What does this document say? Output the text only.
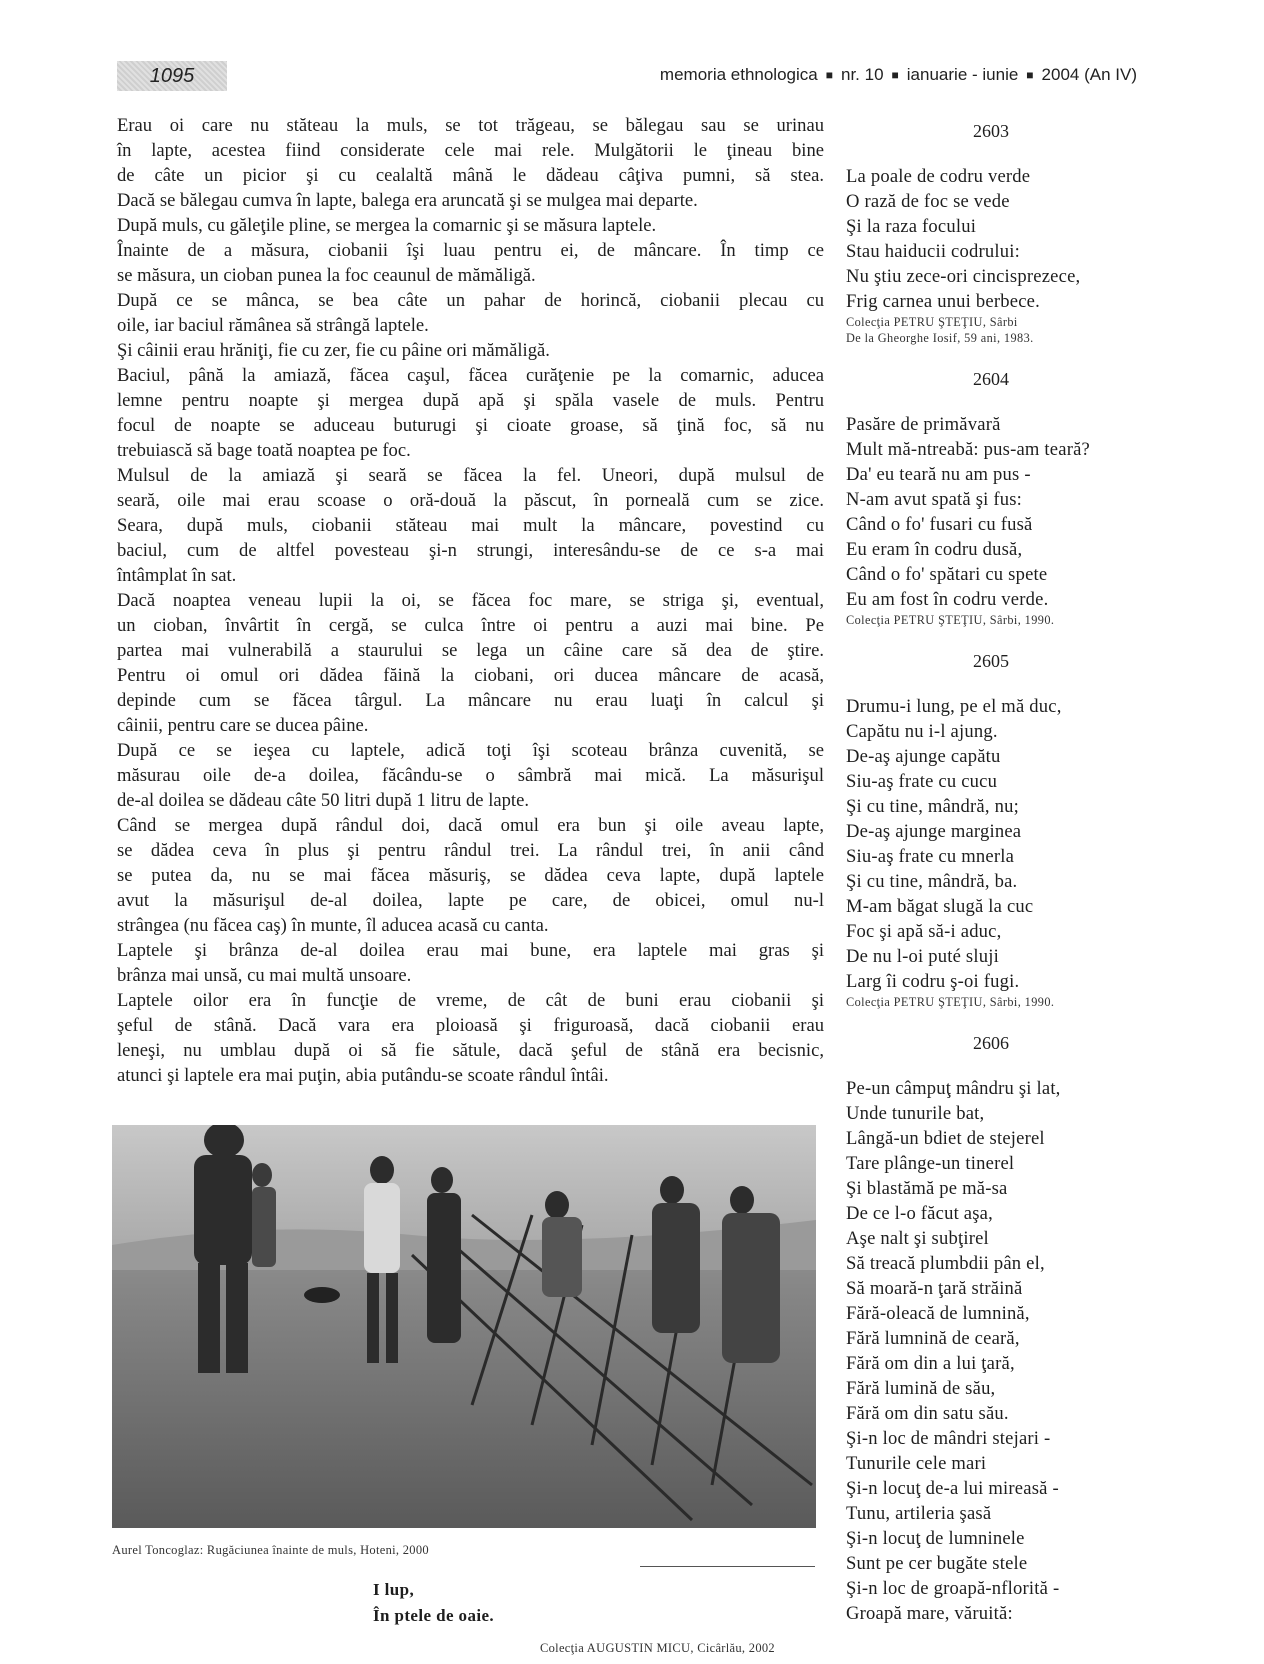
1095	memoria ethnologica ■ nr. 10 ■ ianuarie - iunie ■ 2004 (An IV)

Erau oi care nu stăteau la muls, se tot trăgeau, se bălegau sau se urinau

în lapte, acestea fiind considerate cele mai rele. Mulgătorii le ţineau bine

de câte un picior şi cu cealaltă mână le dădeau câţiva pumni, să stea.

Dacă se bălegau cumva în lapte, balega era aruncată şi se mulgea mai departe.

După muls, cu găleţile pline, se mergea la comarnic şi se măsura laptele.

Înainte de a măsura, ciobanii îşi luau pentru ei, de mâncare. În timp ce

se măsura, un cioban punea la foc ceaunul de mămăligă.

După ce se mânca, se bea câte un pahar de horincă, ciobanii plecau cu

oile, iar baciul rămânea să strângă laptele.

Şi câinii erau hrăniţi, fie cu zer, fie cu pâine ori mămăligă.

Baciul, până la amiază, făcea caşul, făcea curăţenie pe la comarnic, aducea

lemne pentru noapte şi mergea după apă şi spăla vasele de muls. Pentru

focul de noapte se aduceau buturugi şi cioate groase, să ţină foc, să nu

trebuiască să bage toată noaptea pe foc.

Mulsul de la amiază şi seară se făcea la fel. Uneori, după mulsul de

seară, oile mai erau scoase o oră-două la păscut, în porneală cum se zice.

Seara, după muls, ciobanii stăteau mai mult la mâncare, povestind cu

baciul, cum de altfel povesteau şi-n strungi, interesându-se de ce s-a mai

întâmplat în sat.

Dacă noaptea veneau lupii la oi, se făcea foc mare, se striga şi, eventual,

un cioban, învârtit în cergă, se culca între oi pentru a auzi mai bine. Pe

partea mai vulnerabilă a staurului se lega un câine care să dea de ştire.

Pentru oi omul ori dădea făină la ciobani, ori ducea mâncare de acasă,

depinde cum se făcea târgul. La mâncare nu erau luaţi în calcul şi

câinii, pentru care se ducea pâine.

După ce se ieşea cu laptele, adică toţi îşi scoteau brânza cuvenită, se

măsurau oile de-a doilea, făcându-se o sâmbră mai mică. La măsurişul

de-al doilea se dădeau câte 50 litri după 1 litru de lapte.

Când se mergea după rândul doi, dacă omul era bun şi oile aveau lapte,

se dădea ceva în plus şi pentru rândul trei. La rândul trei, în anii când

se putea da, nu se mai făcea măsuriş, se dădea ceva lapte, după laptele

avut la măsurişul de-al doilea, lapte pe care, de obicei, omul nu-l

strângea (nu făcea caş) în munte, îl aducea acasă cu canta.

Laptele şi brânza de-al doilea erau mai bune, era laptele mai gras şi

brânza mai unsă, cu mai multă unsoare.

Laptele oilor era în funcţie de vreme, de cât de buni erau ciobanii şi

şeful de stână. Dacă vara era ploioasă şi friguroasă, dacă ciobanii erau

leneşi, nu umblau după oi să fie sătule, dacă şeful de stână era becisnic,

atunci şi laptele era mai puţin, abia putându-se scoate rândul întâi.

Aurel Toncoglaz: Rugăciunea înainte de muls, Hoteni, 2000
I lup,
În ptele de oaie.
Colecţia AUGUSTIN MICU, Cicârlău, 2002
2603
La poale de codru verde
O rază de foc se vede
Şi la raza focului
Stau haiducii codrului:
Nu ştiu zece-ori cincisprezece,
Frig carnea unui berbece.
Colecţia PETRU ŞTEŢIU, Sârbi
De la Gheorghe Iosif, 59 ani, 1983.
2604
Pasăre de primăvară
Mult mă-ntreabă: pus-am teară?
Da' eu teară nu am pus -
N-am avut spată şi fus:
Când o fo' fusari cu fusă
Eu eram în codru dusă,
Când o fo' spătari cu spete
Eu am fost în codru verde.
Colecţia PETRU ŞTEŢIU, Sârbi, 1990.
2605
Drumu-i lung, pe el mă duc,
Capătu nu i-l ajung.
De-aş ajunge capătu
Siu-aş frate cu cucu
Şi cu tine, mândră, nu;
De-aş ajunge marginea
Siu-aş frate cu mnerla
Şi cu tine, mândră, ba.
M-am băgat slugă la cuc
Foc şi apă să-i aduc,
De nu l-oi puté sluji
Larg îi codru ş-oi fugi.
Colecţia PETRU ŞTEŢIU, Sârbi, 1990.
2606
Pe-un câmpuţ mândru şi lat,
Unde tunurile bat,
Lângă-un bdiet de stejerel
Tare plânge-un tinerel
Şi blastămă pe mă-sa
De ce l-o făcut aşa,
Aşe nalt şi subţirel
Să treacă plumbdii pân el,
Să moară-n ţară străină
Fără-oleacă de lumnină,
Fără lumnină de ceară,
Fără om din a lui ţară,
Fără lumină de său,
Fără om din satu său.
Şi-n loc de mândri stejari -
Tunurile cele mari
Şi-n locuţ de-a lui mireasă -
Tunu, artileria şasă
Şi-n locuţ de lumninele
Sunt pe cer bugăte stele
Şi-n loc de groapă-nflorită -
Groapă mare, văruită:
